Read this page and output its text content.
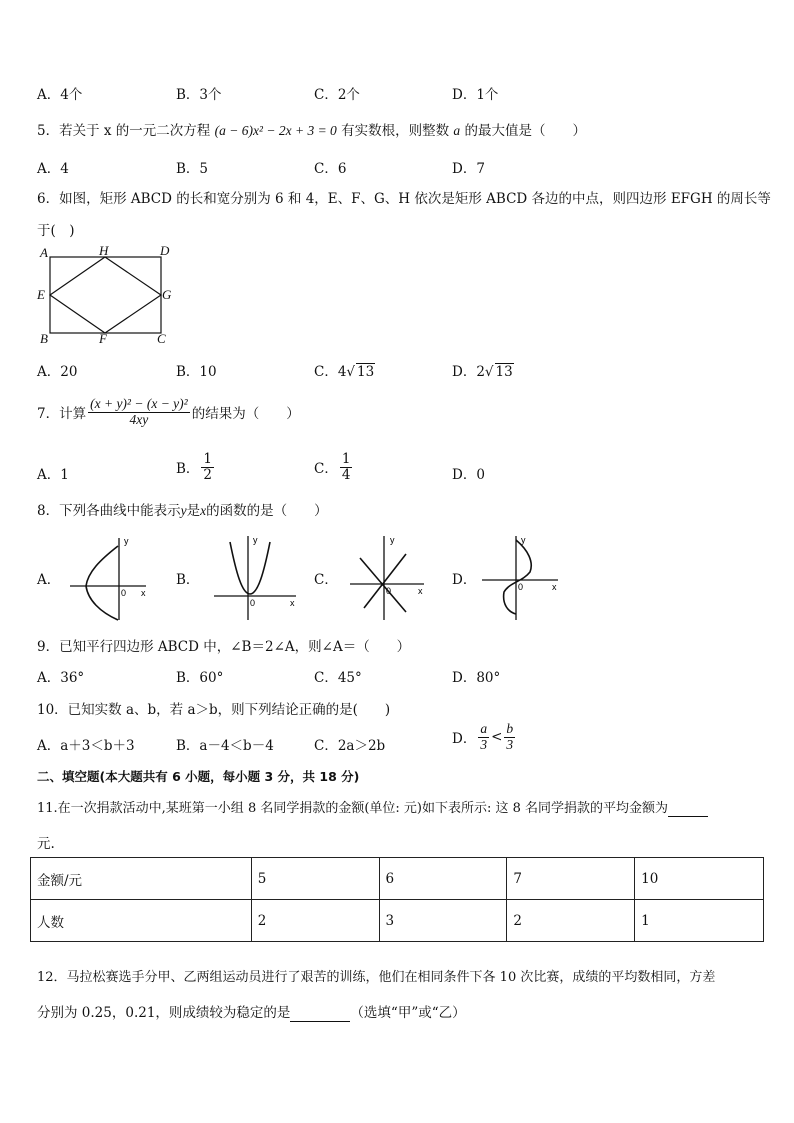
A．4个	B．3个	C．2个	D．1个
5．若关于 x 的一元二次方程 (a − 6)x² − 2x + 3 = 0 有实数根，则整数 a 的最大值是（　　）
A．4	B．5	C．6	D．7
6．如图，矩形 ABCD 的长和宽分别为 6 和 4，E、F、G、H 依次是矩形 ABCD 各边的中点，则四边形 EFGH 的周长等
于(　)
A	H	D
E	G
B	F	C
A．20	B．10	C．4√ 13	D．2√ 13
7．计算 $\frac{\text{(x + y)² − (x − y)²}}{4xy}$ 的结果为（　　）
A．1	B． $\frac{1}{2}$	C． $\frac{1}{4}$	D．0
8．下列各曲线中能表示y是x的函数的是（　　）
A．	B．	C．	D．
y
0 x
y
0	x
y
0	x
y
0	x
9．已知平行四边形 ABCD 中，∠B＝2∠A，则∠A＝（　　）
A．36°	B．60°	C．45°	D．80°
10．已知实数 a、b，若 a＞b，则下列结论正确的是(　　)
A．a＋3＜b＋3	B．a－4＜b－4	C．2a＞2b	D． $\frac{a}{3} < \frac{b}{3}$
二、填空题(本大题共有 6 小题，每小题 3 分，共 18 分)
11.在一次捐款活动中,某班第一小组 8 名同学捐款的金额(单位: 元)如下表所示: 这 8 名同学捐款的平均金额为
元.
金额/元	5	6	7	10
人数	2	3	2	1
12．马拉松赛选手分甲、乙两组运动员进行了艰苦的训练，他们在相同条件下各 10 次比赛，成绩的平均数相同，方差
分别为 0.25，0.21，则成绩较为稳定的是	（选填“甲”或“乙）
